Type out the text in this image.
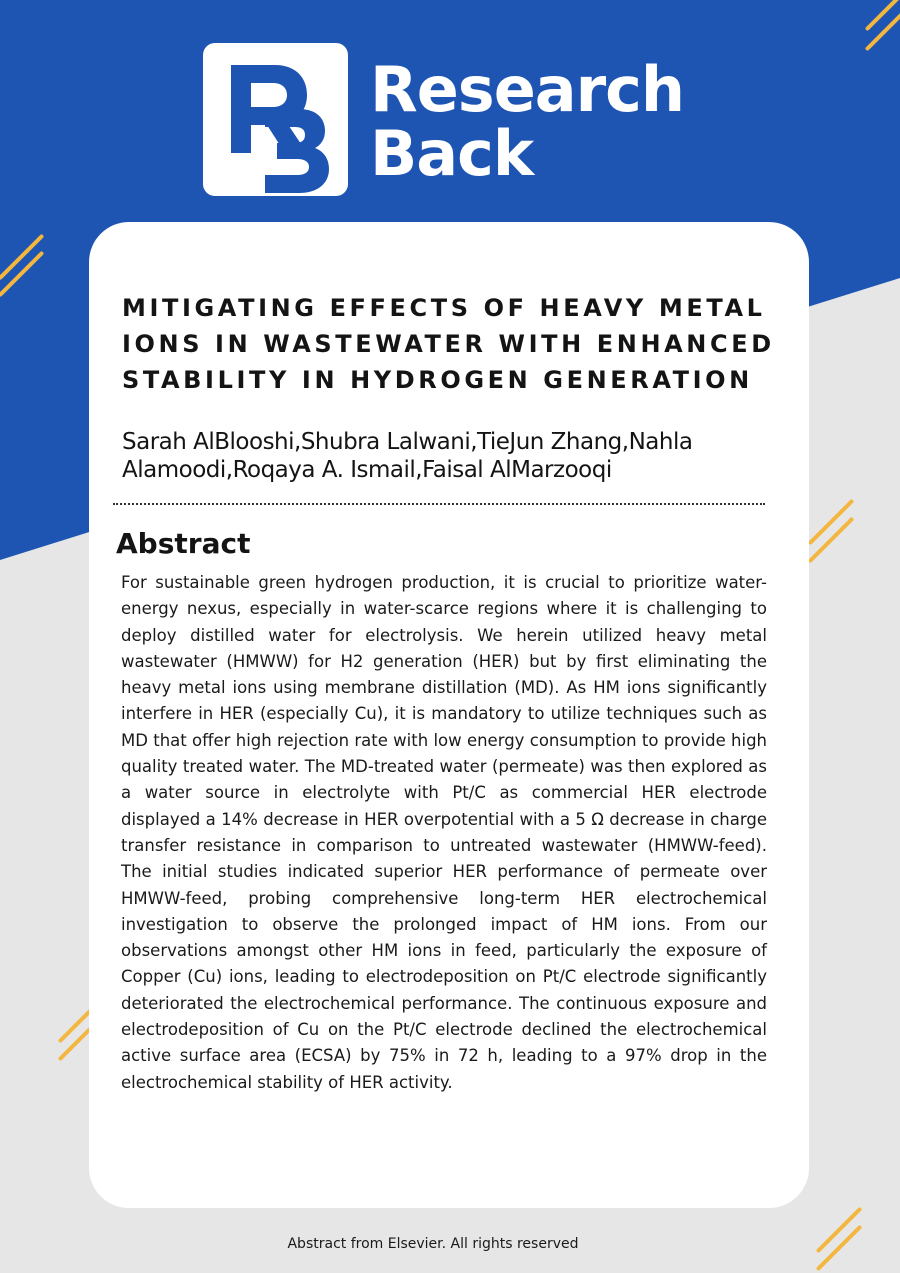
Research
Back
MITIGATING EFFECTS OF HEAVY METAL IONS IN WASTEWATER WITH ENHANCED STABILITY IN HYDROGEN GENERATION
Sarah AlBlooshi,Shubra Lalwani,TieJun Zhang,Nahla
Alamoodi,Roqaya A. Ismail,Faisal AlMarzooqi
Abstract

For sustainable green hydrogen production, it is crucial to prioritize water-energy nexus, especially in water-scarce regions where it is challenging to deploy distilled water for electrolysis. We herein utilized heavy metal wastewater (HMWW) for H2 generation (HER) but by first eliminating the heavy metal ions using membrane distillation (MD). As HM ions significantly interfere in HER (especially Cu), it is mandatory to utilize techniques such as MD that offer high rejection rate with low energy consumption to provide high quality treated water. The MD-treated water (permeate) was then explored as a water source in electrolyte with Pt/C as commercial HER electrode displayed a 14% decrease in HER overpotential with a 5 Ω decrease in charge transfer resistance in comparison to untreated wastewater (HMWW-feed). The initial studies indicated superior HER performance of permeate over HMWW-feed, probing comprehensive long-term HER electrochemical investigation to observe the prolonged impact of HM ions. From our observations amongst other HM ions in feed, particularly the exposure of Copper (Cu) ions, leading to electrodeposition on Pt/C electrode significantly deteriorated the electrochemical performance. The continuous exposure and electrodeposition of Cu on the Pt/C electrode declined the electrochemical active surface area (ECSA) by 75% in 72 h, leading to a 97% drop in the electrochemical stability of HER activity.

Abstract from Elsevier. All rights reserved
